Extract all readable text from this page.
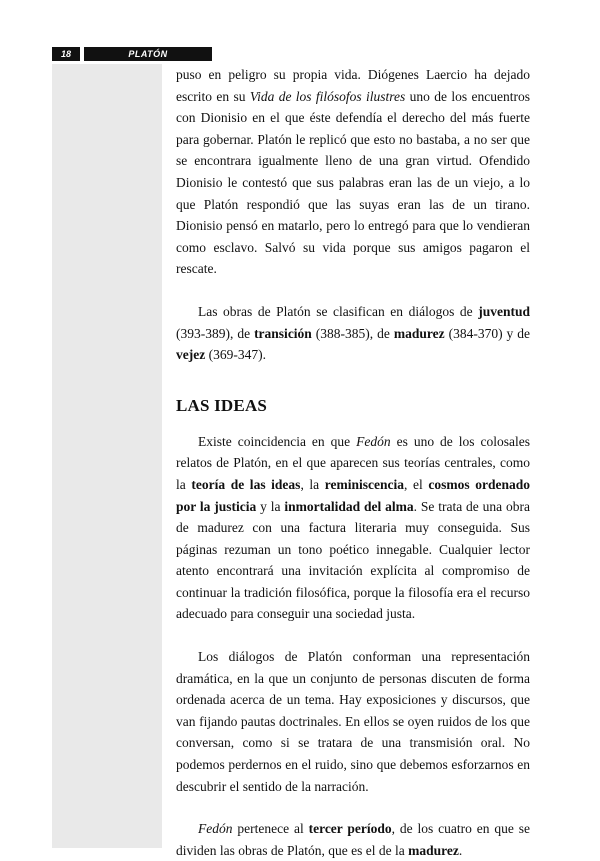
18	PLATÓN

puso en peligro su propia vida. Diógenes Laercio ha dejado escrito en su Vida de los filósofos ilustres uno de los encuentros con Dionisio en el que éste defendía el derecho del más fuerte para gobernar. Platón le replicó que esto no bastaba, a no ser que se encontrara igualmente lleno de una gran virtud. Ofendido Dionisio le contestó que sus palabras eran las de un viejo, a lo que Platón respondió que las suyas eran las de un tirano. Dionisio pensó en matarlo, pero lo entregó para que lo vendieran como esclavo. Salvó su vida porque sus amigos pagaron el rescate.

Las obras de Platón se clasifican en diálogos de juventud (393-389), de transición (388-385), de madurez (384-370) y de vejez (369-347).

LAS IDEAS

Existe coincidencia en que Fedón es uno de los colosales relatos de Platón, en el que aparecen sus teorías centrales, como la teoría de las ideas, la reminiscencia, el cosmos ordenado por la justicia y la inmortalidad del alma. Se trata de una obra de madurez con una factura literaria muy conseguida. Sus páginas rezuman un tono poético innegable. Cualquier lector atento encontrará una invitación explícita al compromiso de continuar la tradición filosófica, porque la filosofía era el recurso adecuado para conseguir una sociedad justa.

Los diálogos de Platón conforman una representación dramática, en la que un conjunto de personas discuten de forma ordenada acerca de un tema. Hay exposiciones y discursos, que van fijando pautas doctrinales. En ellos se oyen ruidos de los que conversan, como si se tratara de una transmisión oral. No podemos perdernos en el ruido, sino que debemos esforzarnos en descubrir el sentido de la narración.

Fedón pertenece al tercer período, de los cuatro en que se dividen las obras de Platón, que es el de la madurez.
